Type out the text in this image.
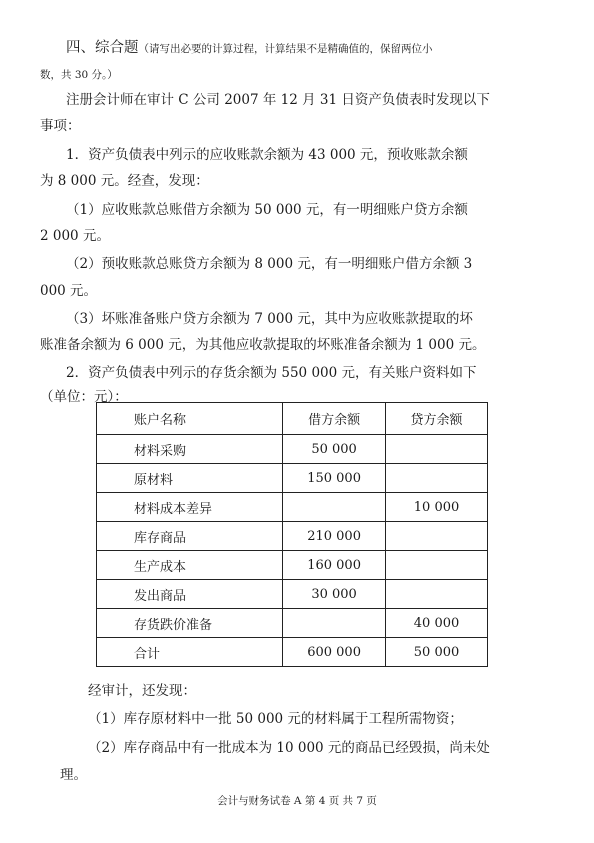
四、综合题（请写出必要的计算过程，计算结果不是精确值的，保留两位小
数，共 30 分。）
注册会计师在审计 C 公司 2007 年 12 月 31 日资产负债表时发现以下
事项：
1．资产负债表中列示的应收账款余额为 43 000 元，预收账款余额
为 8 000 元。经查，发现：
（1）应收账款总账借方余额为 50 000 元，有一明细账户贷方余额
2 000 元。
（2）预收账款总账贷方余额为 8 000 元，有一明细账户借方余额 3
000 元。
（3）坏账准备账户贷方余额为 7 000 元，其中为应收账款提取的坏
账准备余额为 6 000 元，为其他应收款提取的坏账准备余额为 1 000 元。
2．资产负债表中列示的存货余额为 550 000 元，有关账户资料如下
（单位：元）：
账户名称	借方余额	贷方余额
材料采购	50 000	
原材料	150 000	
材料成本差异		10 000
库存商品	210 000	
生产成本	160 000	
发出商品	30 000	
存货跌价准备		40 000
合计	600 000	50 000
经审计，还发现：
（1）库存原材料中一批 50 000 元的材料属于工程所需物资；
（2）库存商品中有一批成本为 10 000 元的商品已经毁损，尚未处
理。
会计与财务试卷 A 第 4 页 共 7 页
